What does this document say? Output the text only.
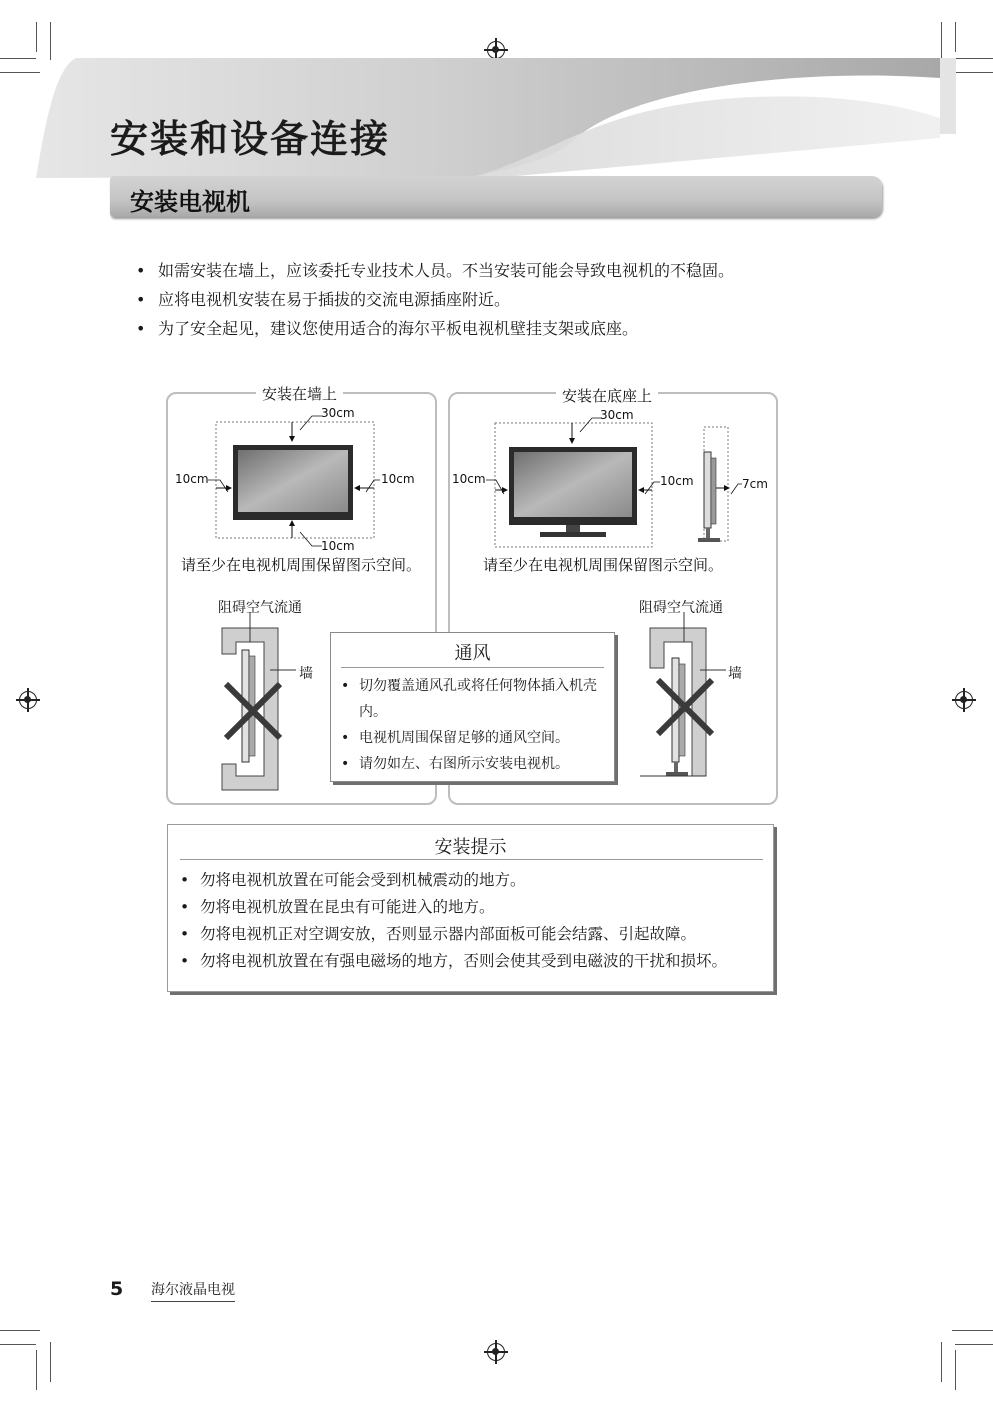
安装和设备连接
安装电视机
• 如需安装在墙上，应该委托专业技术人员。不当安装可能会导致电视机的不稳固。
• 应将电视机安装在易于插拔的交流电源插座附近。
• 为了安全起见，建议您使用适合的海尔平板电视机壁挂支架或底座。
安装在墙上	安装在底座上
30cm
10cm	10cm
10cm
请至少在电视机周围保留图示空间。
阻碍空气流通
墙
30cm
10cm	10cm	7cm
请至少在电视机周围保留图示空间。
阻碍空气流通
墙
通风
• 切勿覆盖通风孔或将任何物体插入机壳内。
• 电视机周围保留足够的通风空间。
• 请勿如左、右图所示安装电视机。
安装提示
• 勿将电视机放置在可能会受到机械震动的地方。
• 勿将电视机放置在昆虫有可能进入的地方。
• 勿将电视机正对空调安放，否则显示器内部面板可能会结露、引起故障。
• 勿将电视机放置在有强电磁场的地方，否则会使其受到电磁波的干扰和损坏。
5 海尔液晶电视
